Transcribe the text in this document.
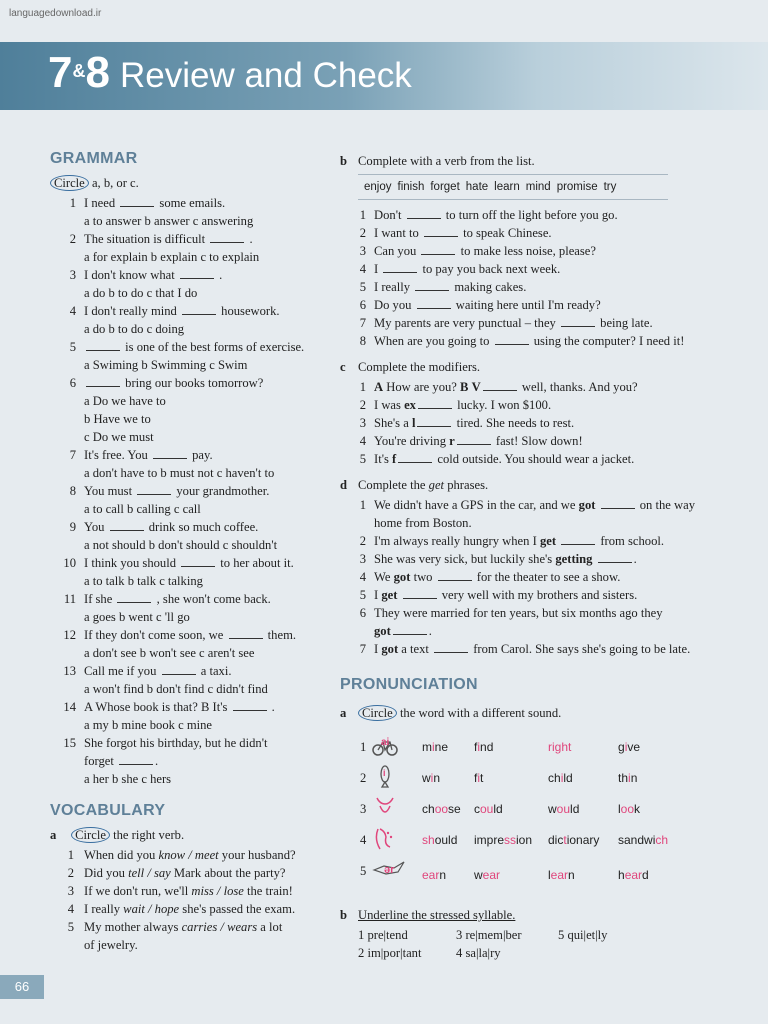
languagedownload.ir
7&8 Review and Check
GRAMMAR
Circle a, b, or c.
1 I need	some emails.
a to answer b answer c answering
2 The situation is difficult	.
a for explain b explain c to explain
3 I don't know what	.
a do b to do c that I do
4 I don't really mind	housework.
a do b to do c doing
5	is one of the best forms of exercise.
a Swiming b Swimming c Swim
6	bring our books tomorrow?
a Do we have to
b Have we to
c Do we must
7 It's free. You	pay.
a don't have to b must not c haven't to
8 You must	your grandmother.
a to call b calling c call
9 You	drink so much coffee.
a not should b don't should c shouldn't
10 I think you should	to her about it.
a to talk b talk c talking
11 If she	, she won't come back.
a goes b went c 'll go
12 If they don't come soon, we	them.
a don't see b won't see c aren't see
13 Call me if you	a taxi.
a won't find b don't find c didn't find
14 A Whose book is that? B It's	.
a my b mine book c mine
15 She forgot his birthday, but he didn't
forget	.
a her b she c hers
VOCABULARY
a Circle the right verb.
1 When did you know / meet your husband?
2 Did you tell / say Mark about the party?
3 If we don't run, we'll miss / lose the train!
4 I really wait / hope she's passed the exam.
5 My mother always carries / wears a lot
of jewelry.
b Complete with a verb from the list.
enjoy finish forget hate learn mind promise try
1 Don't	to turn off the light before you go.
2 I want to	to speak Chinese.
3 Can you	to make less noise, please?
4 I	to pay you back next week.
5 I really	making cakes.
6 Do you	waiting here until I'm ready?
7 My parents are very punctual – they	being late.
8 When are you going to	using the computer? I need it!
c Complete the modifiers.
1 A How are you? B V	well, thanks. And you?
2 I was ex	lucky. I won $100.
3 She's a l	tired. She needs to rest.
4 You're driving r	fast! Slow down!
5 It's f	cold outside. You should wear a jacket.
d Complete the get phrases.
1 We didn't have a GPS in the car, and we got	on the way
home from Boston.
2 I'm always really hungry when I get	from school.
3 She was very sick, but luckily she's getting	.
4 We got two	for the theater to see a show.
5 I get	very well with my brothers and sisters.
6 They were married for ten years, but six months ago they
got	.
7 I got a text	from Carol. She says she's going to be late.
PRONUNCIATION
a Circle the word with a different sound.
1 ai	mine find	right	give
2 i	win	fit	child	thin
3	choose could	would	look
4	should impression dictionary sandwich
5 ər earn wear	learn	heard
b Underline the stressed syllable.
1 pre|tend	3 re|mem|ber	5 qui|et|ly
2 im|por|tant	4 sa|la|ry
66
